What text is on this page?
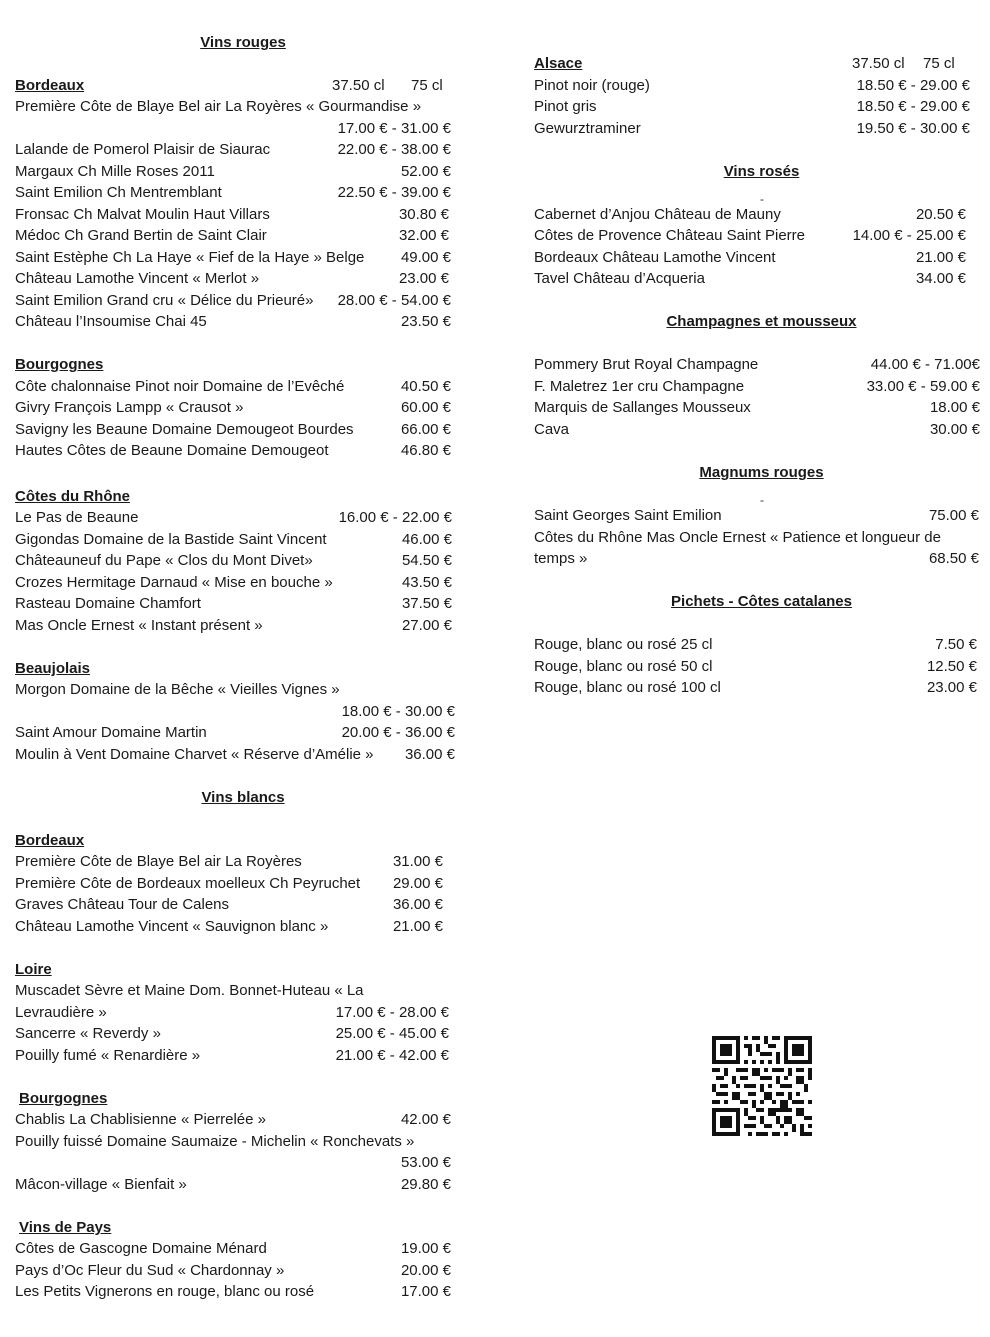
Vins rouges
Bordeaux	37.50 cl 75 cl
Première Côte de Blaye Bel air La Royères « Gourmandise »
17.00 € - 31.00 €
Lalande de Pomerol Plaisir de Siaurac	22.00 € - 38.00 €
Margaux Ch Mille Roses 2011	52.00 €
Saint Emilion Ch Mentremblant	22.50 € - 39.00 €
Fronsac Ch Malvat Moulin Haut Villars	30.80 €
Médoc Ch Grand Bertin de Saint Clair	32.00 €
Saint Estèphe Ch La Haye « Fief de la Haye » Belge	49.00 €
Château Lamothe Vincent « Merlot »	23.00 €
Saint Emilion Grand cru « Délice du Prieuré»	28.00 € - 54.00 €
Château l’Insoumise Chai 45	23.50 €
Bourgognes
Côte chalonnaise Pinot noir Domaine de l’Evêché	40.50 €
Givry François Lampp « Crausot »	60.00 €
Savigny les Beaune Domaine Demougeot Bourdes	66.00 €
Hautes Côtes de Beaune Domaine Demougeot	46.80 €
Côtes du Rhône
Le Pas de Beaune	16.00 € - 22.00 €
Gigondas Domaine de la Bastide Saint Vincent	46.00 €
Châteauneuf du Pape « Clos du Mont Divet»	54.50 €
Crozes Hermitage Darnaud « Mise en bouche »	43.50 €
Rasteau Domaine Chamfort	37.50 €
Mas Oncle Ernest « Instant présent »	27.00 €
Beaujolais
Morgon Domaine de la Bêche « Vieilles Vignes »
18.00 € - 30.00 €
Saint Amour Domaine Martin	20.00 € - 36.00 €
Moulin à Vent Domaine Charvet « Réserve d’Amélie »	36.00 €
Vins blancs
Bordeaux
Première Côte de Blaye Bel air La Royères	31.00 €
Première Côte de Bordeaux moelleux Ch Peyruchet	29.00 €
Graves Château Tour de Calens	36.00 €
Château Lamothe Vincent « Sauvignon blanc »	21.00 €
Loire
Muscadet Sèvre et Maine Dom. Bonnet-Huteau « La
Levraudière »	17.00 € - 28.00 €
Sancerre « Reverdy »	25.00 € - 45.00 €
Pouilly fumé « Renardière »	21.00 € - 42.00 €
Bourgognes
Chablis La Chablisienne « Pierrelée »	42.00 €
Pouilly fuissé Domaine Saumaize - Michelin « Ronchevats »
53.00 €
Mâcon-village « Bienfait »	29.80 €
Vins de Pays
Côtes de Gascogne Domaine Ménard	19.00 €
Pays d’Oc Fleur du Sud « Chardonnay »	20.00 €
Les Petits Vignerons en rouge, blanc ou rosé	17.00 €
Alsace	37.50 cl 75 cl
Pinot noir (rouge)	18.50 € - 29.00 €
Pinot gris	18.50 € - 29.00 €
Gewurztraminer	19.50 € - 30.00 €
Vins rosés
-
Cabernet d’Anjou Château de Mauny	20.50 €
Côtes de Provence Château Saint Pierre	14.00 € - 25.00 €
Bordeaux Château Lamothe Vincent	21.00 €
Tavel Château d’Acqueria	34.00 €
Champagnes et mousseux
Pommery Brut Royal Champagne	44.00 € - 71.00€
F. Maletrez 1er cru Champagne	33.00 € - 59.00 €
Marquis de Sallanges Mousseux	18.00 €
Cava	30.00 €
Magnums rouges
-
Saint Georges Saint Emilion	75.00 €
Côtes du Rhône Mas Oncle Ernest « Patience et longueur de
temps »	68.50 €
Pichets - Côtes catalanes
Rouge, blanc ou rosé 25 cl	7.50 €
Rouge, blanc ou rosé 50 cl	12.50 €
Rouge, blanc ou rosé 100 cl	23.00 €
